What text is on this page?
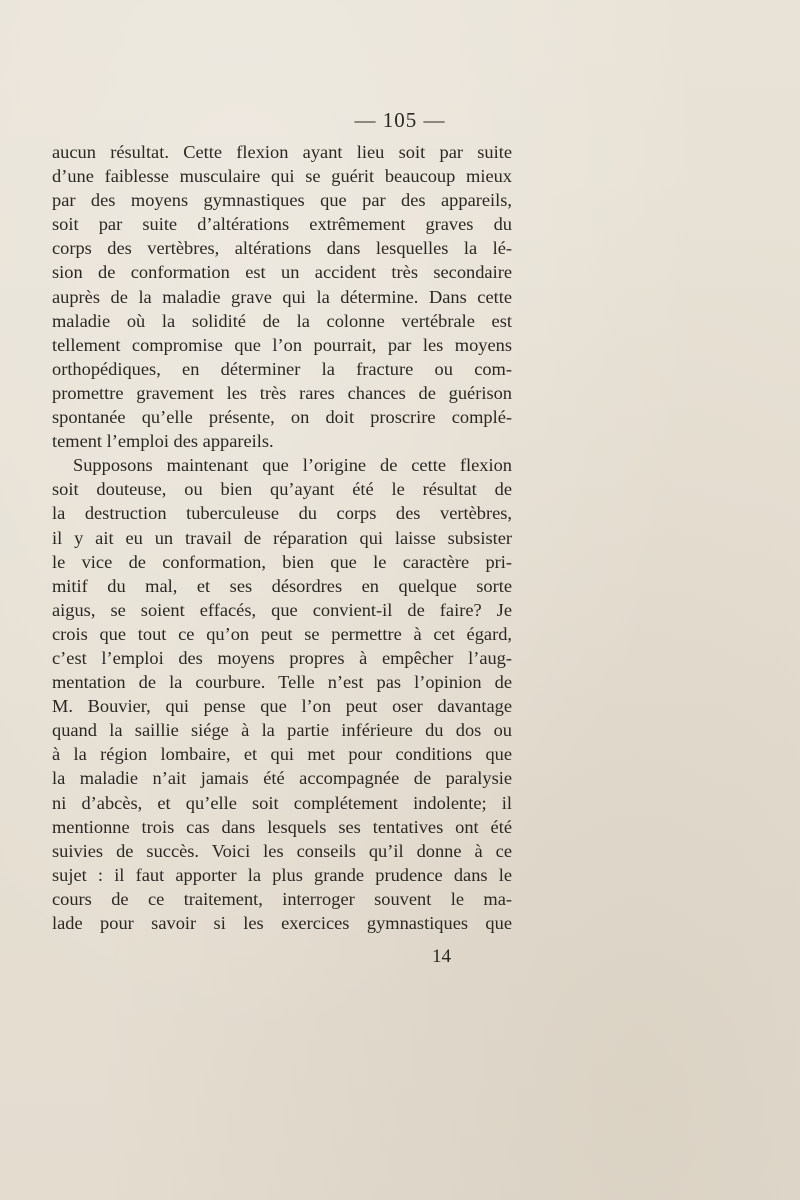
— 105 —
aucun résultat. Cette flexion ayant lieu soit par suite
d’une faiblesse musculaire qui se guérit beaucoup mieux
par des moyens gymnastiques que par des appareils,
soit par suite d’altérations extrêmement graves du
corps des vertèbres, altérations dans lesquelles la lé-
sion de conformation est un accident très secondaire
auprès de la maladie grave qui la détermine. Dans cette
maladie où la solidité de la colonne vertébrale est
tellement compromise que l’on pourrait, par les moyens
orthopédiques, en déterminer la fracture ou com-
promettre gravement les très rares chances de guérison
spontanée qu’elle présente, on doit proscrire complé-
tement l’emploi des appareils.
Supposons maintenant que l’origine de cette flexion
soit douteuse, ou bien qu’ayant été le résultat de
la destruction tuberculeuse du corps des vertèbres,
il y ait eu un travail de réparation qui laisse subsister
le vice de conformation, bien que le caractère pri-
mitif du mal, et ses désordres en quelque sorte
aigus, se soient effacés, que convient-il de faire? Je
crois que tout ce qu’on peut se permettre à cet égard,
c’est l’emploi des moyens propres à empêcher l’aug-
mentation de la courbure. Telle n’est pas l’opinion de
M. Bouvier, qui pense que l’on peut oser davantage
quand la saillie siége à la partie inférieure du dos ou
à la région lombaire, et qui met pour conditions que
la maladie n’ait jamais été accompagnée de paralysie
ni d’abcès, et qu’elle soit complétement indolente; il
mentionne trois cas dans lesquels ses tentatives ont été
suivies de succès. Voici les conseils qu’il donne à ce
sujet : il faut apporter la plus grande prudence dans le
cours de ce traitement, interroger souvent le ma-
lade pour savoir si les exercices gymnastiques que
14
